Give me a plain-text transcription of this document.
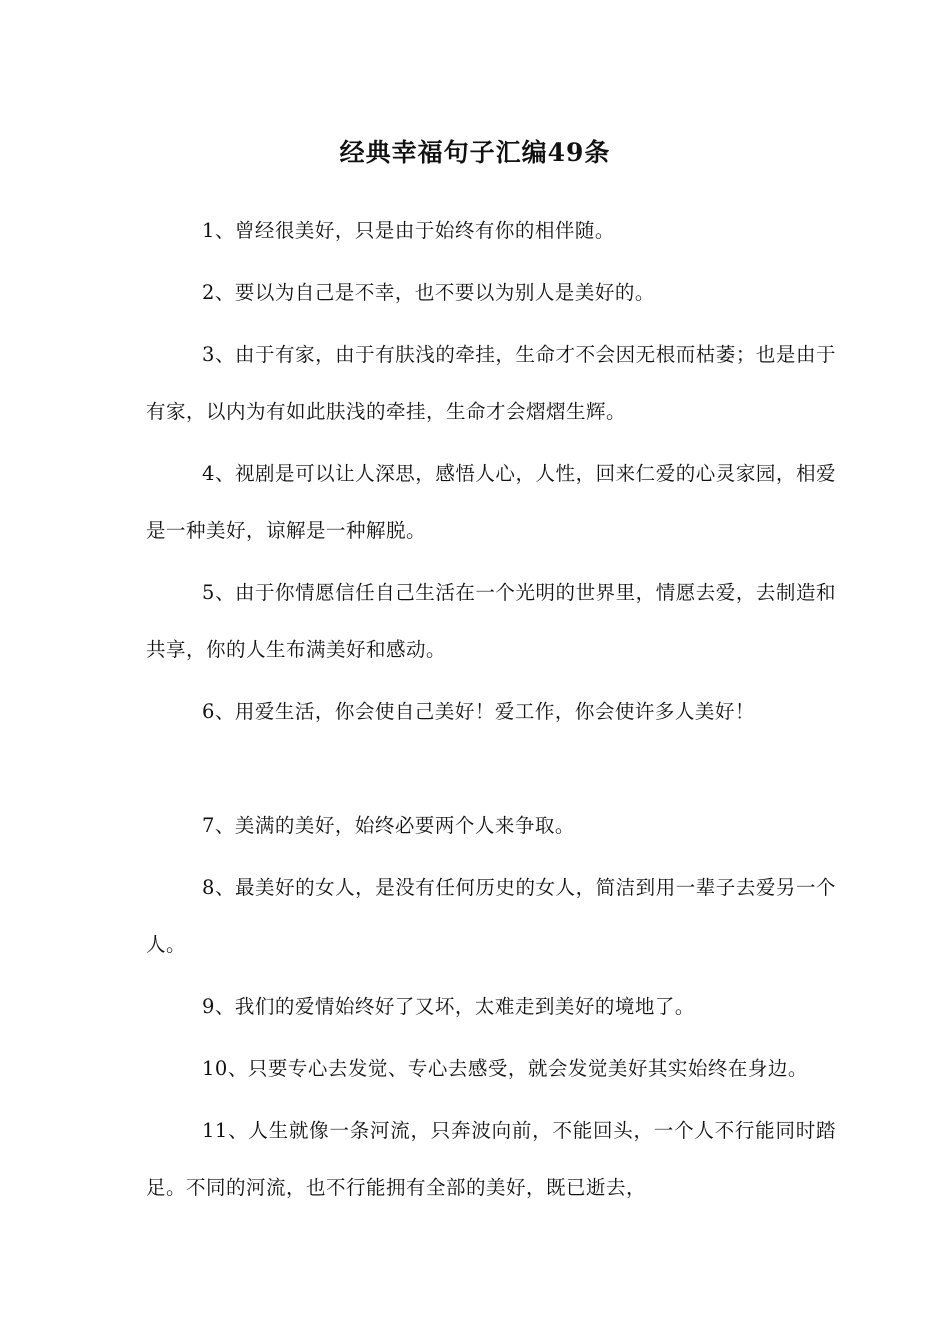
经典幸福句子汇编49条

1、曾经很美好，只是由于始终有你的相伴随。

2、要以为自己是不幸，也不要以为别人是美好的。

3、由于有家，由于有肤浅的牵挂，生命才不会因无根而枯萎；也是由于有家，以内为有如此肤浅的牵挂，生命才会熠熠生辉。

4、视剧是可以让人深思，感悟人心，人性，回来仁爱的心灵家园，相爱是一种美好，谅解是一种解脱。

5、由于你情愿信任自己生活在一个光明的世界里，情愿去爱，去制造和共享，你的人生布满美好和感动。

6、用爱生活，你会使自己美好！爱工作，你会使许多人美好！

7、美满的美好，始终必要两个人来争取。

8、最美好的女人，是没有任何历史的女人，简洁到用一辈子去爱另一个人。

9、我们的爱情始终好了又坏，太难走到美好的境地了。

10、只要专心去发觉、专心去感受，就会发觉美好其实始终在身边。

11、人生就像一条河流，只奔波向前，不能回头，一个人不行能同时踏足。不同的河流，也不行能拥有全部的美好，既已逝去，
